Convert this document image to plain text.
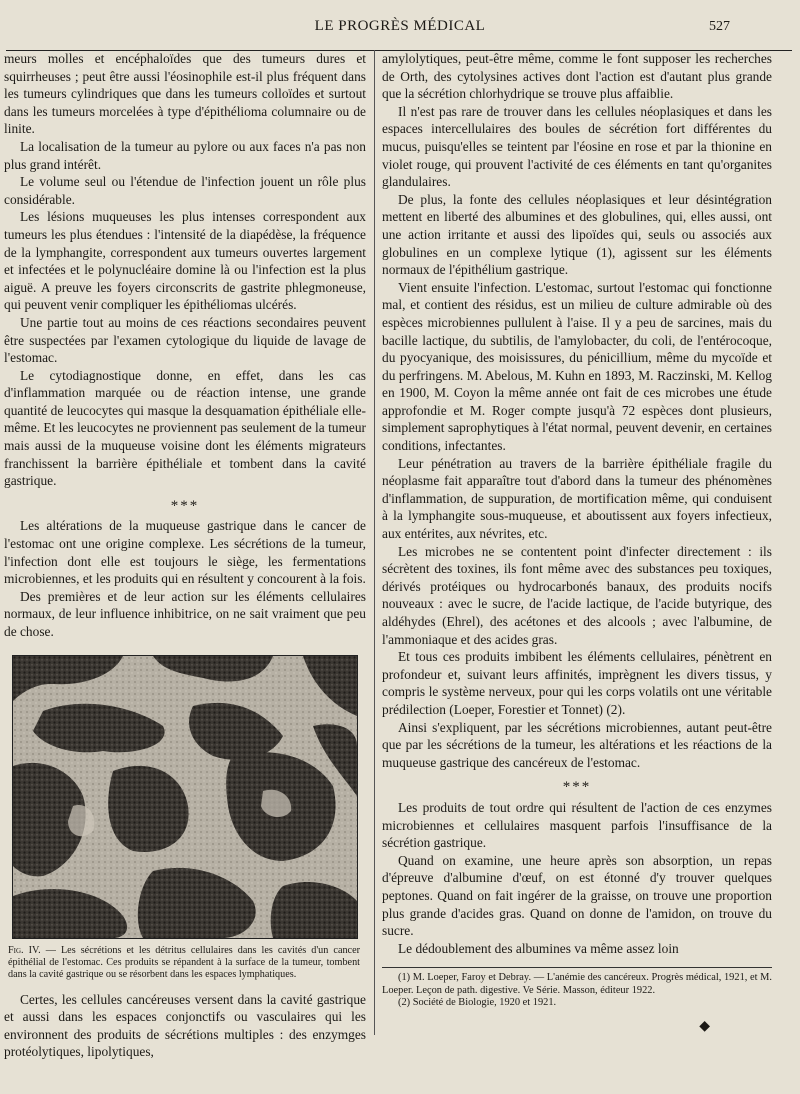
LE PROGRÈS MÉDICAL	527

meurs molles et encéphaloïdes que des tumeurs dures et squirrheuses ; peut être aussi l'éosinophile est-il plus fréquent dans les tumeurs cylindriques que dans les tumeurs colloïdes et surtout dans les tumeurs morcelées à type d'épithélioma columnaire ou de linite.

La localisation de la tumeur au pylore ou aux faces n'a pas non plus grand intérêt.

Le volume seul ou l'étendue de l'infection jouent un rôle plus considérable.

Les lésions muqueuses les plus intenses correspondent aux tumeurs les plus étendues : l'intensité de la diapédèse, la fréquence de la lymphangite, correspondent aux tumeurs ouvertes largement et infectées et le polynucléaire domine là ou l'infection est la plus aiguë. A preuve les foyers circonscrits de gastrite phlegmoneuse, qui peuvent venir compliquer les épithéliomas ulcérés.

Une partie tout au moins de ces réactions secondaires peuvent être suspectées par l'examen cytologique du liquide de lavage de l'estomac.

Le cytodiagnostique donne, en effet, dans les cas d'inflammation marquée ou de réaction intense, une grande quantité de leucocytes qui masque la desquamation épithéliale elle-même. Et les leucocytes ne proviennent pas seulement de la tumeur mais aussi de la muqueuse voisine dont les éléments migrateurs franchissent la barrière épithéliale et tombent dans la cavité gastrique.

***

Les altérations de la muqueuse gastrique dans le cancer de l'estomac ont une origine complexe. Les sécrétions de la tumeur, l'infection dont elle est toujours le siège, les fermentations microbiennes, et les produits qui en résultent y concourent à la fois.

Des premières et de leur action sur les éléments cellulaires normaux, de leur influence inhibitrice, on ne sait vraiment que peu de chose.

Fig. IV. — Les sécrétions et les détritus cellulaires dans les cavités d'un cancer épithélial de l'estomac. Ces produits se répandent à la surface de la tumeur, tombent dans la cavité gastrique ou se résorbent dans les espaces lymphatiques.

Certes, les cellules cancéreuses versent dans la cavité gastrique et aussi dans les espaces conjonctifs ou vasculaires qui les environnent des produits de sécrétions multiples : des enzymges protéolytiques, lipolytiques,

amylolytiques, peut-être même, comme le font supposer les recherches de Orth, des cytolysines actives dont l'action est d'autant plus grande que la sécrétion chlorhydrique se trouve plus affaiblie.

Il n'est pas rare de trouver dans les cellules néoplasiques et dans les espaces intercellulaires des boules de sécrétion fort différentes du mucus, puisqu'elles se teintent par l'éosine en rose et par la thionine en violet rouge, qui prouvent l'activité de ces éléments en tant qu'organites glandulaires.

De plus, la fonte des cellules néoplasiques et leur désintégration mettent en liberté des albumines et des globulines, qui, elles aussi, ont une action irritante et aussi des lipoïdes qui, seuls ou associés aux globulines en un complexe lytique (1), agissent sur les éléments normaux de l'épithélium gastrique.

Vient ensuite l'infection. L'estomac, surtout l'estomac qui fonctionne mal, et contient des résidus, est un milieu de culture admirable où des espèces microbiennes pullulent à l'aise. Il y a peu de sarcines, mais du bacille lactique, du subtilis, de l'amylobacter, du coli, de l'entérocoque, du pyocyanique, des moisissures, du pénicillium, même du mycoïde et du perfringens. M. Abelous, M. Kuhn en 1893, M. Raczinski, M. Kellog en 1900, M. Coyon la même année ont fait de ces microbes une étude approfondie et M. Roger compte jusqu'à 72 espèces dont plusieurs, simplement saprophytiques à l'état normal, peuvent devenir, en certaines conditions, infectantes.

Leur pénétration au travers de la barrière épithéliale fragile du néoplasme fait apparaître tout d'abord dans la tumeur des phénomènes d'inflammation, de suppuration, de mortification même, qui conduisent à la lymphangite sous-muqueuse, et aboutissent aux foyers infectieux, aux entérites, aux névrites, etc.

Les microbes ne se contentent point d'infecter directement : ils sécrètent des toxines, ils font même avec des substances peu toxiques, dérivés protéiques ou hydrocarbonés banaux, des produits nocifs nouveaux : avec le sucre, de l'acide lactique, de l'acide butyrique, des aldéhydes (Ehrel), des acétones et des alcools ; avec l'albumine, de l'ammoniaque et des acides gras.

Et tous ces produits imbibent les éléments cellulaires, pénètrent en profondeur et, suivant leurs affinités, imprègnent les divers tissus, y compris le système nerveux, pour qui les corps volatils ont une véritable prédilection (Loeper, Forestier et Tonnet) (2).

Ainsi s'expliquent, par les sécrétions microbiennes, autant peut-être que par les sécrétions de la tumeur, les altérations et les réactions de la muqueuse gastrique des cancéreux de l'estomac.

***

Les produits de tout ordre qui résultent de l'action de ces enzymes microbiennes et cellulaires masquent parfois l'insuffisance de la sécrétion gastrique.

Quand on examine, une heure après son absorption, un repas d'épreuve d'albumine d'œuf, on est étonné d'y trouver quelques peptones. Quand on fait ingérer de la graisse, on trouve une proportion plus grande d'acides gras. Quand on donne de l'amidon, on trouve du sucre.

Le dédoublement des albumines va même assez loin

(1) M. Loeper, Faroy et Debray. — L'anémie des cancéreux. Progrès médical, 1921, et M. Loeper. Leçon de path. digestive. Ve Série. Masson, éditeur 1922.

(2) Société de Biologie, 1920 et 1921.

◆
